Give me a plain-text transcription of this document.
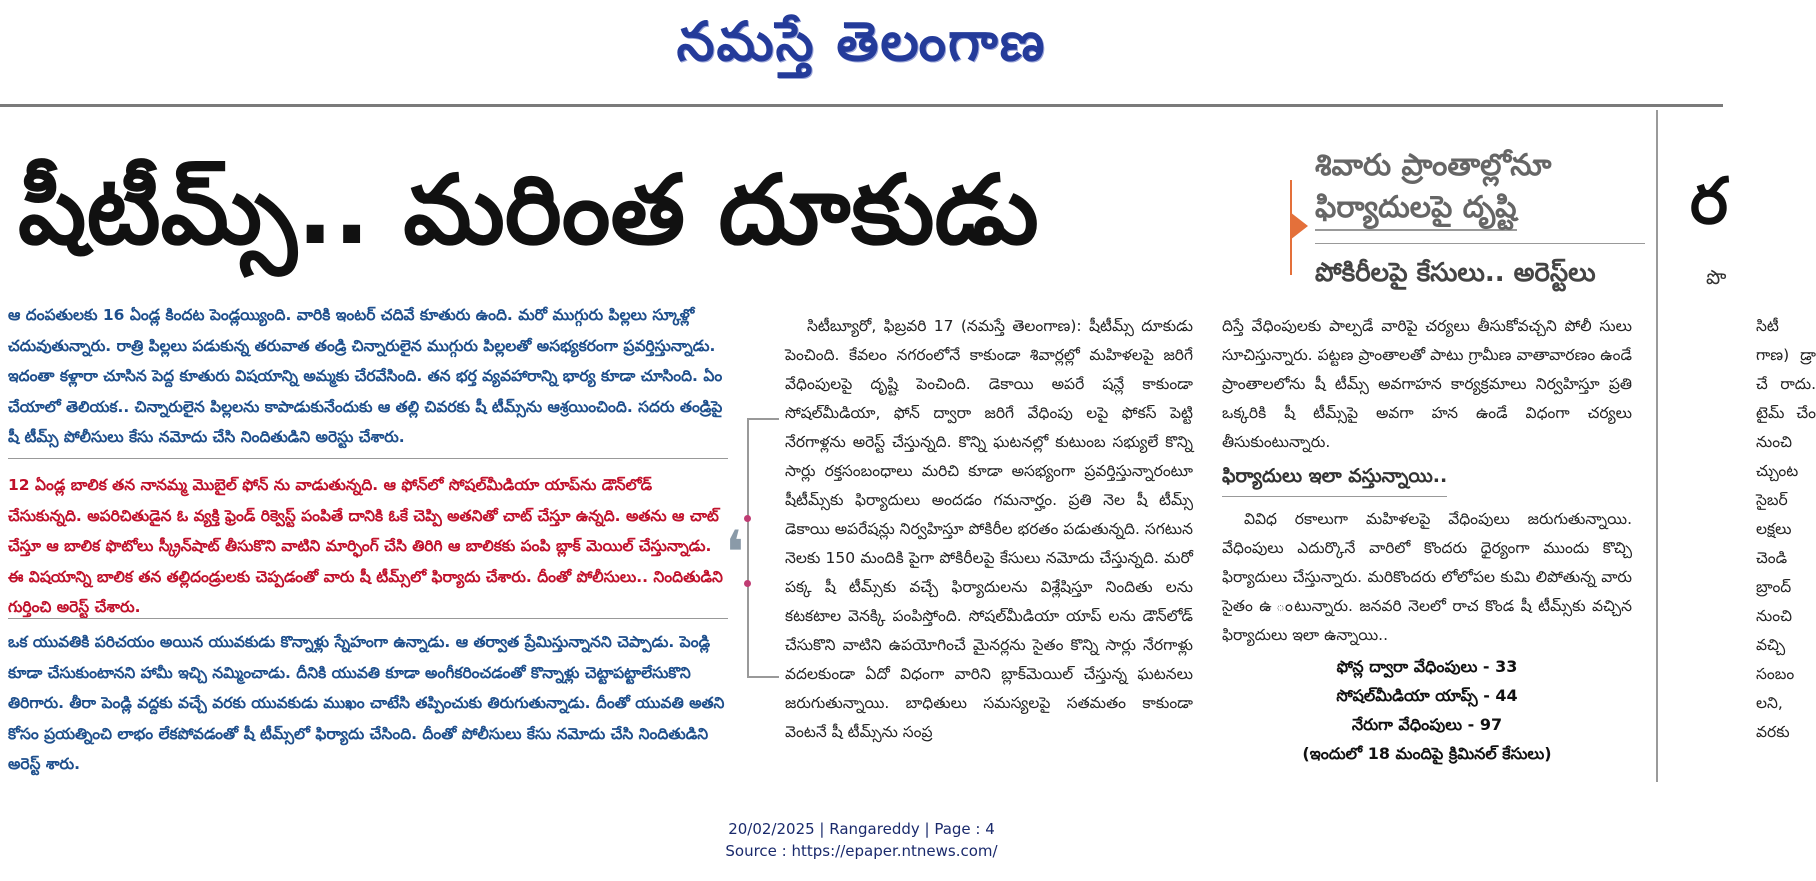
నమస్తే తెలంగాణ
షీటీమ్స్‌.. మరింత దూకుడు	శివారు ప్రాంతాల్లోనూ
ఫిర్యాదులపై దృష్టి
పోకిరీలపై కేసులు.. అరెస్ట్‌లు
ర
పొ
ఆ దంపతులకు 16 ఏండ్ల కిందట పెండ్లయ్యింది. వారికి ఇంటర్ చదివే కూతురు ఉంది. మరో ముగ్గురు పిల్లలు స్కూళ్లో చదువుతున్నారు. రాత్రి పిల్లలు పడుకున్న తరువాత తండ్రి చిన్నారులైన ముగ్గురు పిల్లలతో అసభ్యకరంగా ప్రవర్తిస్తున్నాడు. ఇదంతా కళ్లారా చూసిన పెద్ద కూతురు విషయాన్ని అమ్మకు చేరవేసింది. తన భర్త వ్యవహారాన్ని భార్య కూడా చూసింది. ఏం చేయాలో తెలియక.. చిన్నారులైన పిల్లలను కాపాడుకునేందుకు ఆ తల్లి చివరకు షీ టీమ్స్‌ను ఆశ్రయించింది. సదరు తండ్రిపై షీ టీమ్స్ పోలీసులు కేసు నమోదు చేసి నిందితుడిని అరెస్టు చేశారు.
12 ఏండ్ల బాలిక తన నానమ్మ మొబైల్ ఫోన్ ను వాడుతున్నది. ఆ ఫోన్‌లో సోషల్‌మీడియా యాప్‌ను డౌన్‌లోడ్ చేసుకున్నది. అపరిచితుడైన ఓ వ్యక్తి ఫ్రెండ్ రిక్వెస్ట్ పంపితే దానికి ఓకే చెప్పి అతనితో చాట్ చేస్తూ ఉన్నది. అతను ఆ చాట్ చేస్తూ ఆ బాలిక ఫొటోలు స్క్రీన్‌షాట్ తీసుకొని వాటిని మార్ఫింగ్ చేసి తిరిగి ఆ బాలికకు పంపి బ్లాక్ మెయిల్ చేస్తున్నాడు. ఈ విషయాన్ని బాలిక తన తల్లిదండ్రులకు చెప్పడంతో వారు షీ టీమ్స్‌లో ఫిర్యాదు చేశారు. దీంతో పోలీసులు.. నిందితుడిని గుర్తించి అరెస్ట్ చేశారు.
ఒక యువతికి పరిచయం అయిన యువకుడు కొన్నాళ్లు స్నేహంగా ఉన్నాడు. ఆ తర్వాత ప్రేమిస్తున్నానని చెప్పాడు. పెండ్లి కూడా చేసుకుంటానని హామీ ఇచ్చి నమ్మించాడు. దీనికి యువతి కూడా అంగీకరించడంతో కొన్నాళ్లు చెట్టాపట్టాలేసుకొని తిరిగారు. తీరా పెండ్లి వద్దకు వచ్చే వరకు యువకుడు ముఖం చాటేసి తప్పించుకు తిరుగుతున్నాడు. దీంతో యువతి అతని కోసం ప్రయత్నించి లాభం లేకపోవడంతో షీ టీమ్స్‌లో ఫిర్యాదు చేసింది. దీంతో పోలీసులు కేసు నమోదు చేసి నిందితుడిని అరెస్ట్ శారు.
❛
సిటీబ్యూరో, ఫిబ్రవరి 17 (నమస్తే తెలంగాణ): షీటీమ్స్ దూకుడు పెంచింది. కేవలం నగరంలోనే కాకుండా శివార్లల్లో మహిళలపై జరిగే వేధింపులపై దృష్టి పెంచింది. డెకాయి అపరే షన్లే కాకుండా సోషల్‌మీడియా, ఫోన్ ద్వారా జరిగే వేధింపు లపై ఫోకస్ పెట్టి నేరగాళ్లను అరెస్ట్ చేస్తున్నది. కొన్ని ఘటనల్లో కుటుంబ సభ్యులే కొన్ని సార్లు రక్తసంబంధాలు మరిచి కూడా అసభ్యంగా ప్రవర్తిస్తున్నారంటూ షీటీమ్స్‌కు ఫిర్యాదులు అందడం గమనార్హం. ప్రతి నెల షీ టీమ్స్ డెకాయి అపరేషన్లు నిర్వహిస్తూ పోకిరీల భరతం పడుతున్నది. సగటున నెలకు 150 మందికి పైగా పోకిరీలపై కేసులు నమోదు చేస్తున్నది. మరో పక్క షీ టీమ్స్‌కు వచ్చే ఫిర్యాదులను విశ్లేషిస్తూ నిందితు లను కటకటాల వెనక్కి పంపిస్తోంది. సోషల్‌మీడియా యాప్ లను డౌన్‌లోడ్ చేసుకొని వాటిని ఉపయోగించే మైనర్లను సైతం కొన్ని సార్లు నేరగాళ్లు వదలకుండా ఏదో విధంగా వారిని బ్లాక్‌మెయిల్ చేస్తున్న ఘటనలు జరుగుతున్నాయి. బాధితులు సమస్యలపై సతమతం కాకుండా వెంటనే షీ టీమ్స్‌ను సంప్ర
దిస్తే వేధింపులకు పాల్పడే వారిపై చర్యలు తీసుకోవచ్చని పోలీ సులు సూచిస్తున్నారు. పట్టణ ప్రాంతాలతో పాటు గ్రామీణ వాతావారణం ఉండే ప్రాంతాలలోను షీ టీమ్స్ అవగాహన కార్యక్రమాలు నిర్వహిస్తూ ప్రతి ఒక్కరికి షీ టీమ్స్‌పై అవగా హన ఉండే విధంగా చర్యలు తీసుకుంటున్నారు.
ఫిర్యాదులు ఇలా వస్తున్నాయి..
వివిధ రకాలుగా మహిళలపై వేధింపులు జరుగుతున్నాయి. వేధింపులు ఎదుర్కొనే వారిలో కొందరు ధైర్యంగా ముందు కొచ్చి ఫిర్యాదులు చేస్తున్నారు. మరికొందరు లోలోపల కుమి లిపోతున్న వారు సైతం ఉ ంటున్నారు. జనవరి నెలలో రాచ కొండ షీ టీమ్స్‌కు వచ్చిన ఫిర్యాదులు ఇలా ఉన్నాయి..
ఫోన్ల ద్వారా వేధింపులు - 33
సోషల్‌మీడియా యాప్స్ - 44
నేరుగా వేధింపులు - 97
(ఇందులో 18 మందిపై క్రిమినల్ కేసులు)
సిటీ గాణ) డ్రా చే రాదు. టైమ్ చేం నుంచి చ్చుంట సైబర్ లక్షలు చెండి బ్రాంద్ నుంచి వచ్చి సంబం లని, వరకు
20/02/2025 | Rangareddy | Page : 4
Source : https://epaper.ntnews.com/
